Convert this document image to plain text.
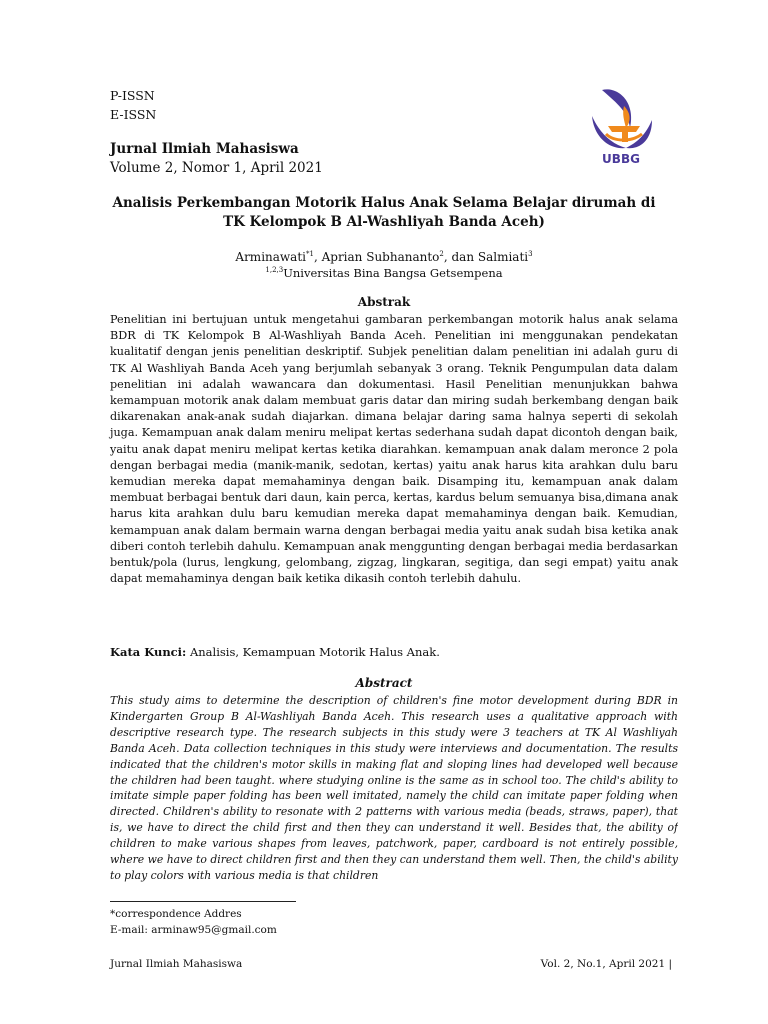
P-ISSN
E-ISSN
Jurnal Ilmiah Mahasiswa
Volume 2, Nomor 1, April 2021
UBBG
Analisis Perkembangan Motorik Halus Anak Selama Belajar dirumah di TK Kelompok B Al-Washliyah Banda Aceh)
Arminawati$^{*1}$, Aprian Subhananto$^2$, dan Salmiati$^3$
$^{1,2,3}$Universitas Bina Bangsa Getsempena
Abstrak

Penelitian ini bertujuan untuk mengetahui gambaran perkembangan motorik halus anak selama BDR di TK Kelompok B Al-Washliyah Banda Aceh. Penelitian ini menggunakan pendekatan kualitatif dengan jenis penelitian deskriptif. Subjek penelitian dalam penelitian ini adalah guru di TK Al Washliyah Banda Aceh yang berjumlah sebanyak 3 orang. Teknik Pengumpulan data dalam penelitian ini adalah wawancara dan dokumentasi. Hasil Penelitian menunjukkan bahwa kemampuan motorik anak dalam membuat garis datar dan miring sudah berkembang dengan baik dikarenakan anak-anak sudah diajarkan. dimana belajar daring sama halnya seperti di sekolah juga. Kemampuan anak dalam meniru melipat kertas sederhana sudah dapat dicontoh dengan baik, yaitu anak dapat meniru melipat kertas ketika diarahkan. kemampuan anak dalam meronce 2 pola dengan berbagai media (manik-manik, sedotan, kertas) yaitu anak harus kita arahkan dulu baru kemudian mereka dapat memahaminya dengan baik. Disamping itu, kemampuan anak dalam membuat berbagai bentuk dari daun, kain perca, kertas, kardus belum semuanya bisa,dimana anak harus kita arahkan dulu baru kemudian mereka dapat memahaminya dengan baik. Kemudian, kemampuan anak dalam bermain warna dengan berbagai media yaitu anak sudah bisa ketika anak diberi contoh terlebih dahulu. Kemampuan anak menggunting dengan berbagai media berdasarkan bentuk/pola (lurus, lengkung, gelombang, zigzag, lingkaran, segitiga, dan segi empat) yaitu anak dapat memahaminya dengan baik ketika dikasih contoh terlebih dahulu.

Kata Kunci: Analisis, Kemampuan Motorik Halus Anak.
Abstract

This study aims to determine the description of children's fine motor development during BDR in Kindergarten Group B Al-Washliyah Banda Aceh. This research uses a qualitative approach with descriptive research type. The research subjects in this study were 3 teachers at TK Al Washliyah Banda Aceh. Data collection techniques in this study were interviews and documentation. The results indicated that the children's motor skills in making flat and sloping lines had developed well because the children had been taught. where studying online is the same as in school too. The child's ability to imitate simple paper folding has been well imitated, namely the child can imitate paper folding when directed. Children's ability to resonate with 2 patterns with various media (beads, straws, paper), that is, we have to direct the child first and then they can understand it well. Besides that, the ability of children to make various shapes from leaves, patchwork, paper, cardboard is not entirely possible, where we have to direct children first and then they can understand them well. Then, the child's ability to play colors with various media is that children

*correspondence Addres
E-mail: arminaw95@gmail.com
Jurnal Ilmiah Mahasiswa	Vol. 2, No.1, April 2021 |
